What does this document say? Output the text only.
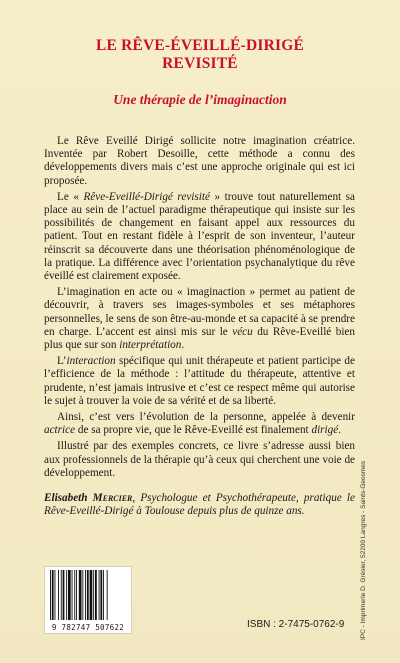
LE RÊVE-ÉVEILLÉ-DIRIGÉ
REVISITÉ
Une thérapie de l’imaginaction

Le Rêve Eveillé Dirigé sollicite notre imagination créatrice. Inventée par Robert Desoille, cette méthode a connu des développements divers mais c’est une approche originale qui est ici proposée.

Le « Rêve-Eveillé-Dirigé revisité » trouve tout naturellement sa place au sein de l’actuel paradigme thérapeutique qui insiste sur les possibilités de changement en faisant appel aux ressources du patient. Tout en restant fidèle à l’esprit de son inventeur, l’auteur réinscrit sa découverte dans une théorisation phénoménologique de la pratique. La différence avec l’orientation psychanalytique du rêve éveillé est clairement exposée.

L’imagination en acte ou « imaginaction » permet au patient de découvrir, à travers ses images-symboles et ses métaphores personnelles, le sens de son être-au-monde et sa capacité à se prendre en charge. L’accent est ainsi mis sur le vécu du Rêve-Eveillé bien plus que sur son interprétation.

L’interaction spécifique qui unit thérapeute et patient participe de l’efficience de la méthode : l’attitude du thérapeute, attentive et prudente, n’est jamais intrusive et c’est ce respect même qui autorise le sujet à trouver la voie de sa vérité et de sa liberté.

Ainsi, c’est vers l’évolution de la personne, appelée à devenir actrice de sa propre vie, que le Rêve-Eveillé est finalement dirigé.

Illustré par des exemples concrets, ce livre s’adresse aussi bien aux professionnels de la thérapie qu’à ceux qui cherchent une voie de développement.

Elisabeth Mercier, Psychologue et Psychothérapeute, pratique le Rêve-Eveillé-Dirigé à Toulouse depuis plus de quinze ans.
9 782747 507622	ISBN : 2-7475-0762-9 IPC - Imprimerie D. Grésier, 52200 Langres - Saints-Geosmes
